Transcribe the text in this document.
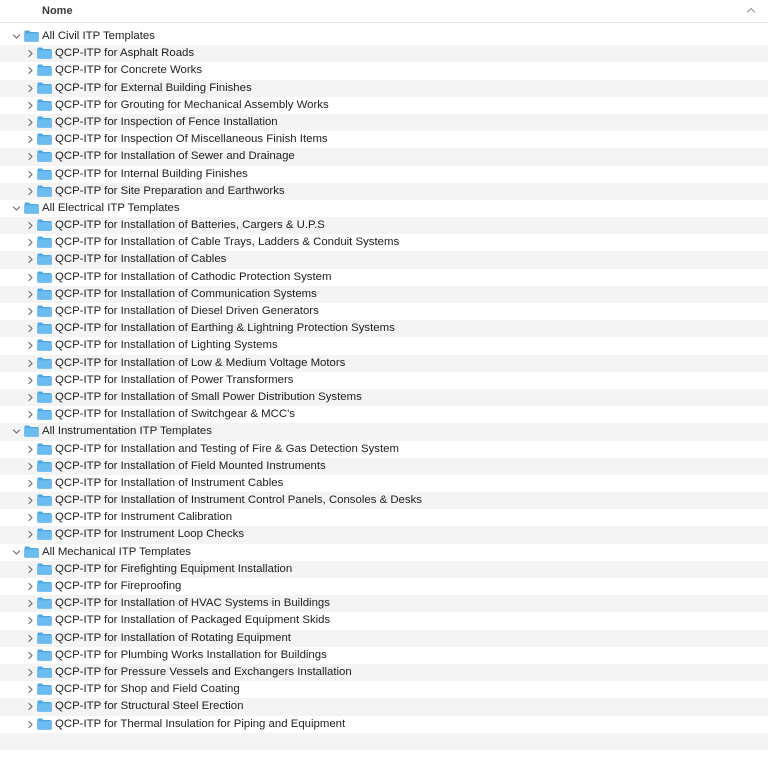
Nome
All Civil ITP Templates
QCP-ITP for Asphalt Roads
QCP-ITP for Concrete Works
QCP-ITP for External Building Finishes
QCP-ITP for Grouting for Mechanical Assembly Works
QCP-ITP for Inspection of Fence Installation
QCP-ITP for Inspection Of Miscellaneous Finish Items
QCP-ITP for Installation of Sewer and Drainage
QCP-ITP for Internal Building Finishes
QCP-ITP for Site Preparation and Earthworks
All Electrical ITP Templates
QCP-ITP for Installation of Batteries, Cargers & U.P.S
QCP-ITP for Installation of Cable Trays, Ladders & Conduit Systems
QCP-ITP for Installation of Cables
QCP-ITP for Installation of Cathodic Protection System
QCP-ITP for Installation of Communication Systems
QCP-ITP for Installation of Diesel Driven Generators
QCP-ITP for Installation of Earthing & Lightning Protection Systems
QCP-ITP for Installation of Lighting Systems
QCP-ITP for Installation of Low & Medium Voltage Motors
QCP-ITP for Installation of Power Transformers
QCP-ITP for Installation of Small Power Distribution Systems
QCP-ITP for Installation of Switchgear & MCC's
All Instrumentation ITP Templates
QCP-ITP for Installation and Testing of Fire & Gas Detection System
QCP-ITP for Installation of Field Mounted Instruments
QCP-ITP for Installation of Instrument Cables
QCP-ITP for Installation of Instrument Control Panels, Consoles & Desks
QCP-ITP for Instrument Calibration
QCP-ITP for Instrument Loop Checks
All Mechanical ITP Templates
QCP-ITP for Firefighting Equipment Installation
QCP-ITP for Fireproofing
QCP-ITP for Installation of HVAC Systems in Buildings
QCP-ITP for Installation of Packaged Equipment Skids
QCP-ITP for Installation of Rotating Equipment
QCP-ITP for Plumbing Works Installation for Buildings
QCP-ITP for Pressure Vessels and Exchangers Installation
QCP-ITP for Shop and Field Coating
QCP-ITP for Structural Steel Erection
QCP-ITP for Thermal Insulation for Piping and Equipment
